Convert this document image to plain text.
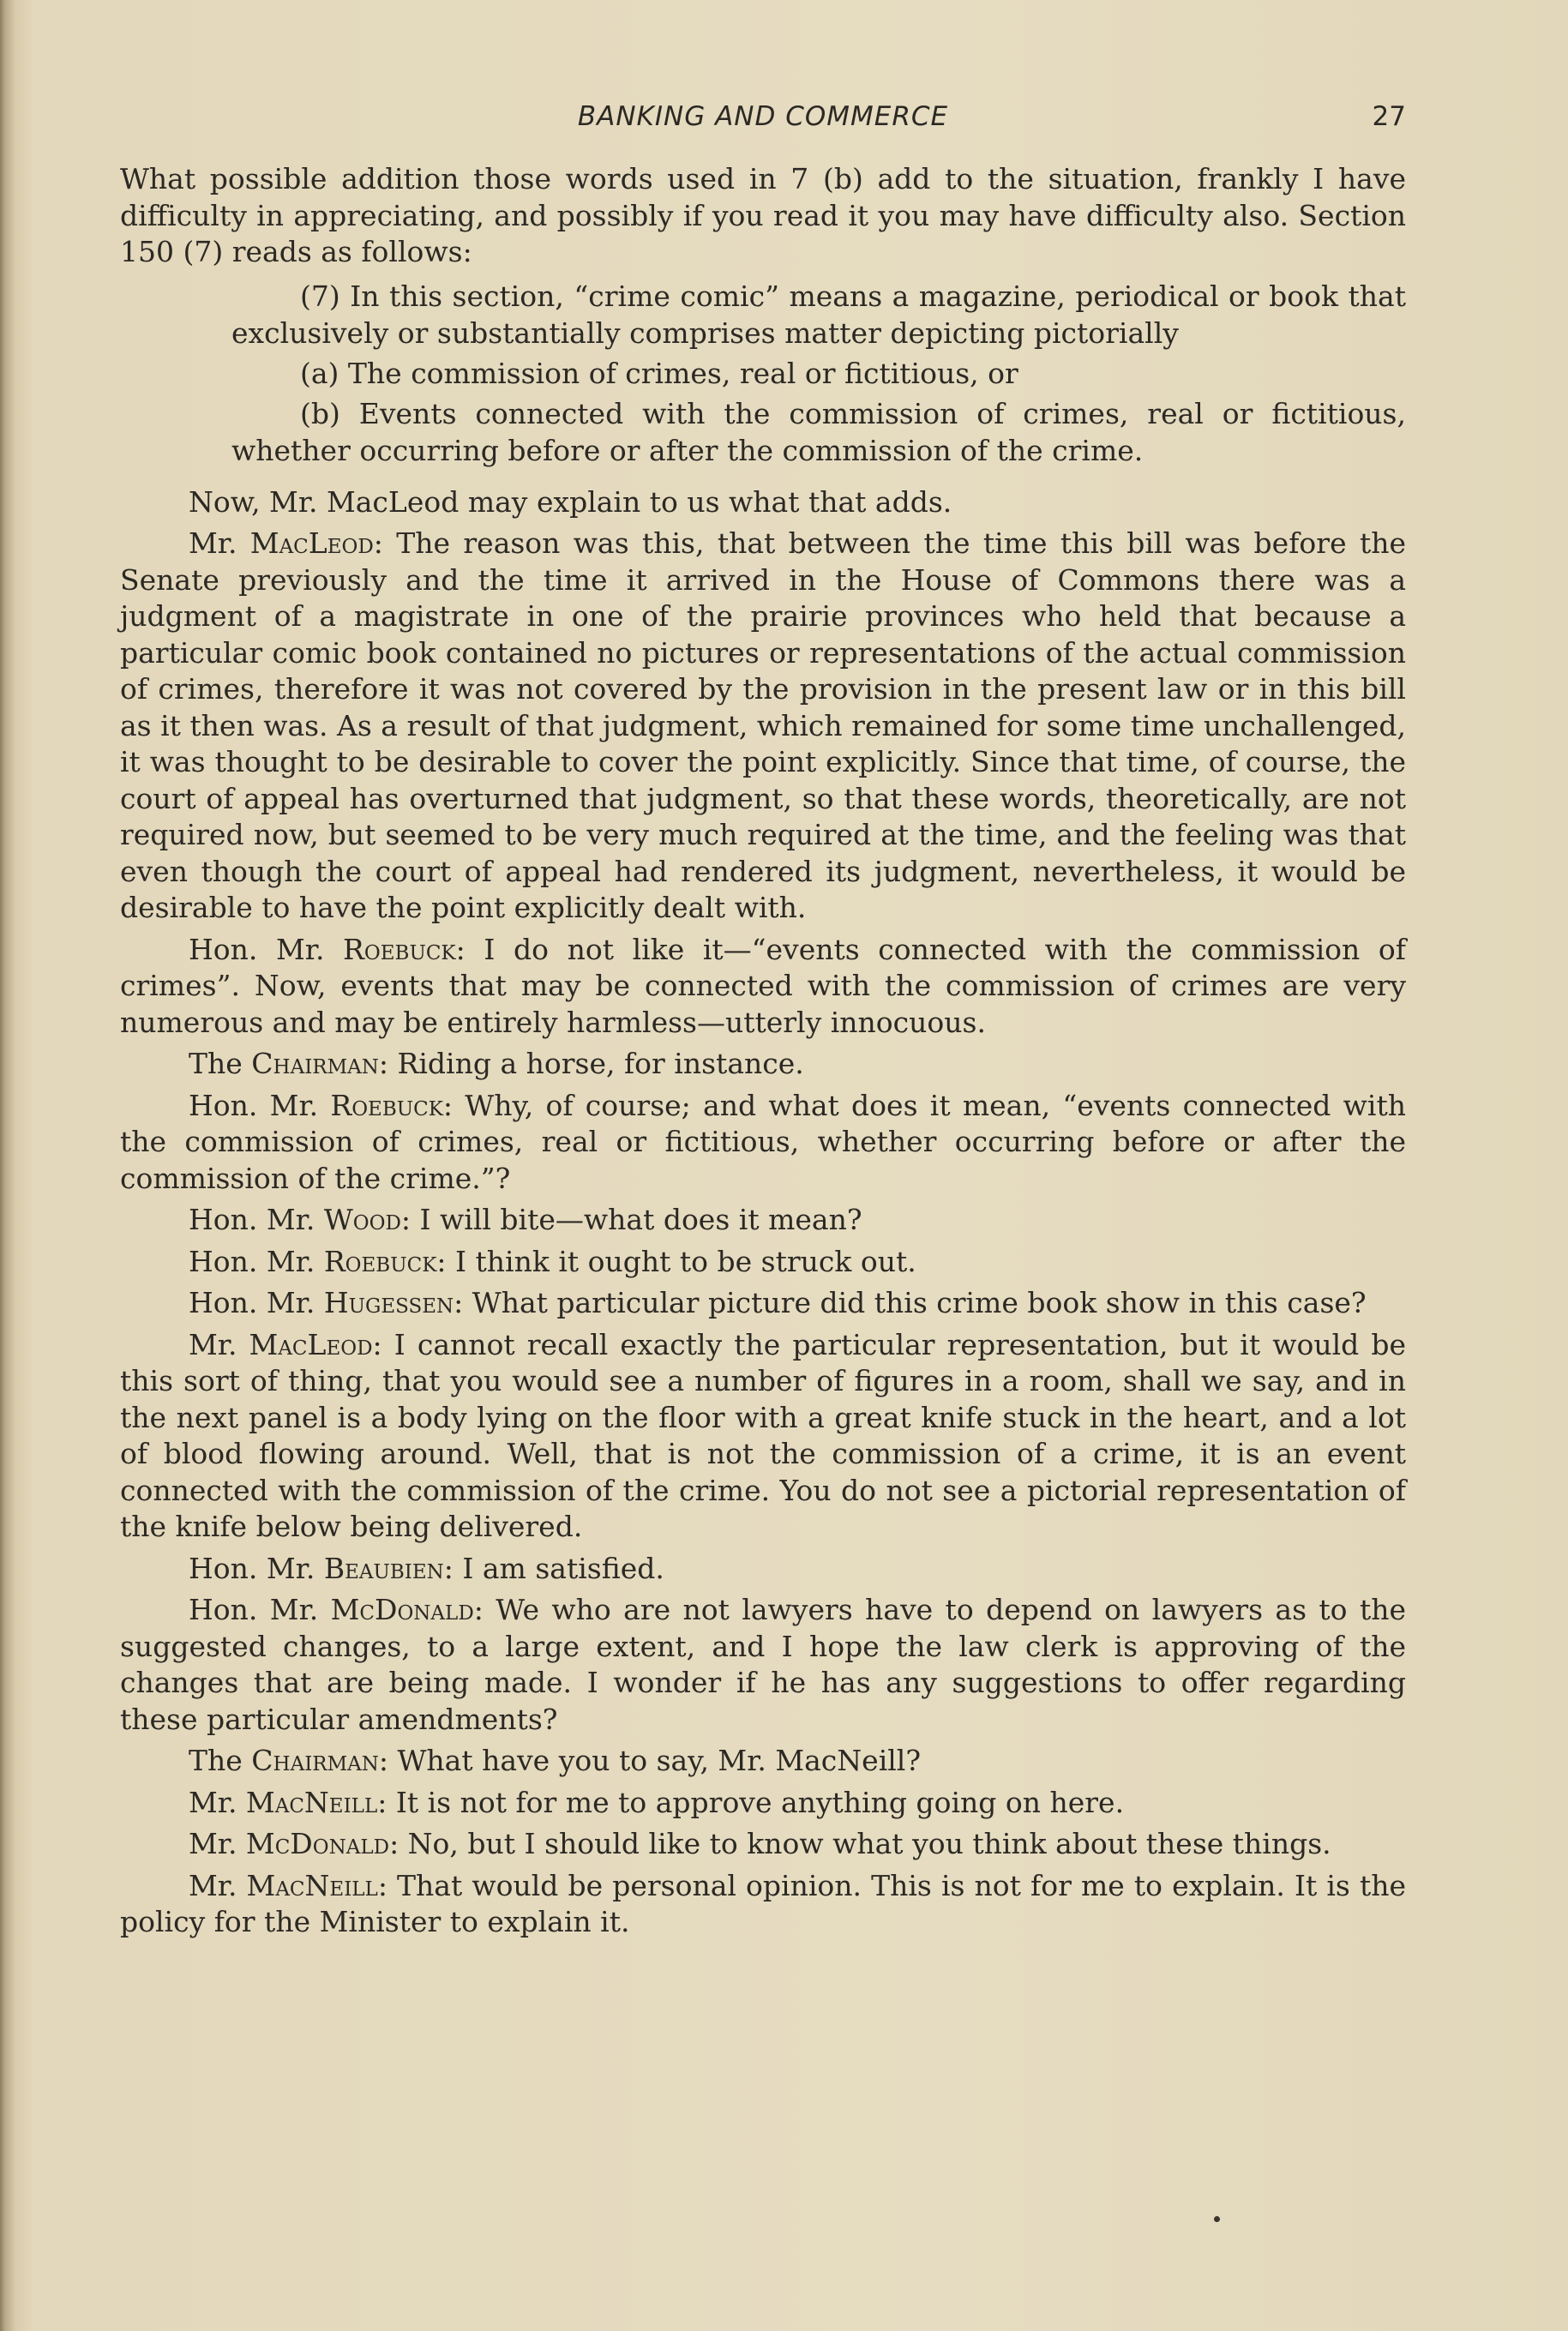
BANKING AND COMMERCE	27

What possible addition those words used in 7 (b) add to the situation, frankly I have difficulty in appreciating, and possibly if you read it you may have difficulty also. Section 150 (7) reads as follows:

(7) In this section, “crime comic” means a magazine, periodical or book that exclusively or substantially comprises matter depicting pictorially

(a) The commission of crimes, real or fictitious, or

(b) Events connected with the commission of crimes, real or fictitious, whether occurring before or after the commission of the crime.

Now, Mr. MacLeod may explain to us what that adds.

Mr. MacLeod: The reason was this, that between the time this bill was before the Senate previously and the time it arrived in the House of Commons there was a judgment of a magistrate in one of the prairie provinces who held that because a particular comic book contained no pictures or representations of the actual commission of crimes, therefore it was not covered by the provision in the present law or in this bill as it then was. As a result of that judgment, which remained for some time unchallenged, it was thought to be desirable to cover the point explicitly. Since that time, of course, the court of appeal has overturned that judgment, so that these words, theoretically, are not required now, but seemed to be very much required at the time, and the feeling was that even though the court of appeal had rendered its judgment, nevertheless, it would be desirable to have the point explicitly dealt with.

Hon. Mr. Roebuck: I do not like it—“events connected with the commission of crimes”. Now, events that may be connected with the commission of crimes are very numerous and may be entirely harmless—utterly innocuous.

The Chairman: Riding a horse, for instance.

Hon. Mr. Roebuck: Why, of course; and what does it mean, “events connected with the commission of crimes, real or fictitious, whether occurring before or after the commission of the crime.”?

Hon. Mr. Wood: I will bite—what does it mean?

Hon. Mr. Roebuck: I think it ought to be struck out.

Hon. Mr. Hugessen: What particular picture did this crime book show in this case?

Mr. MacLeod: I cannot recall exactly the particular representation, but it would be this sort of thing, that you would see a number of figures in a room, shall we say, and in the next panel is a body lying on the floor with a great knife stuck in the heart, and a lot of blood flowing around. Well, that is not the commission of a crime, it is an event connected with the commission of the crime. You do not see a pictorial representation of the knife below being delivered.

Hon. Mr. Beaubien: I am satisfied.

Hon. Mr. McDonald: We who are not lawyers have to depend on lawyers as to the suggested changes, to a large extent, and I hope the law clerk is approving of the changes that are being made. I wonder if he has any suggestions to offer regarding these particular amendments?

The Chairman: What have you to say, Mr. MacNeill?

Mr. MacNeill: It is not for me to approve anything going on here.

Mr. McDonald: No, but I should like to know what you think about these things.

Mr. MacNeill: That would be personal opinion. This is not for me to explain. It is the policy for the Minister to explain it.
